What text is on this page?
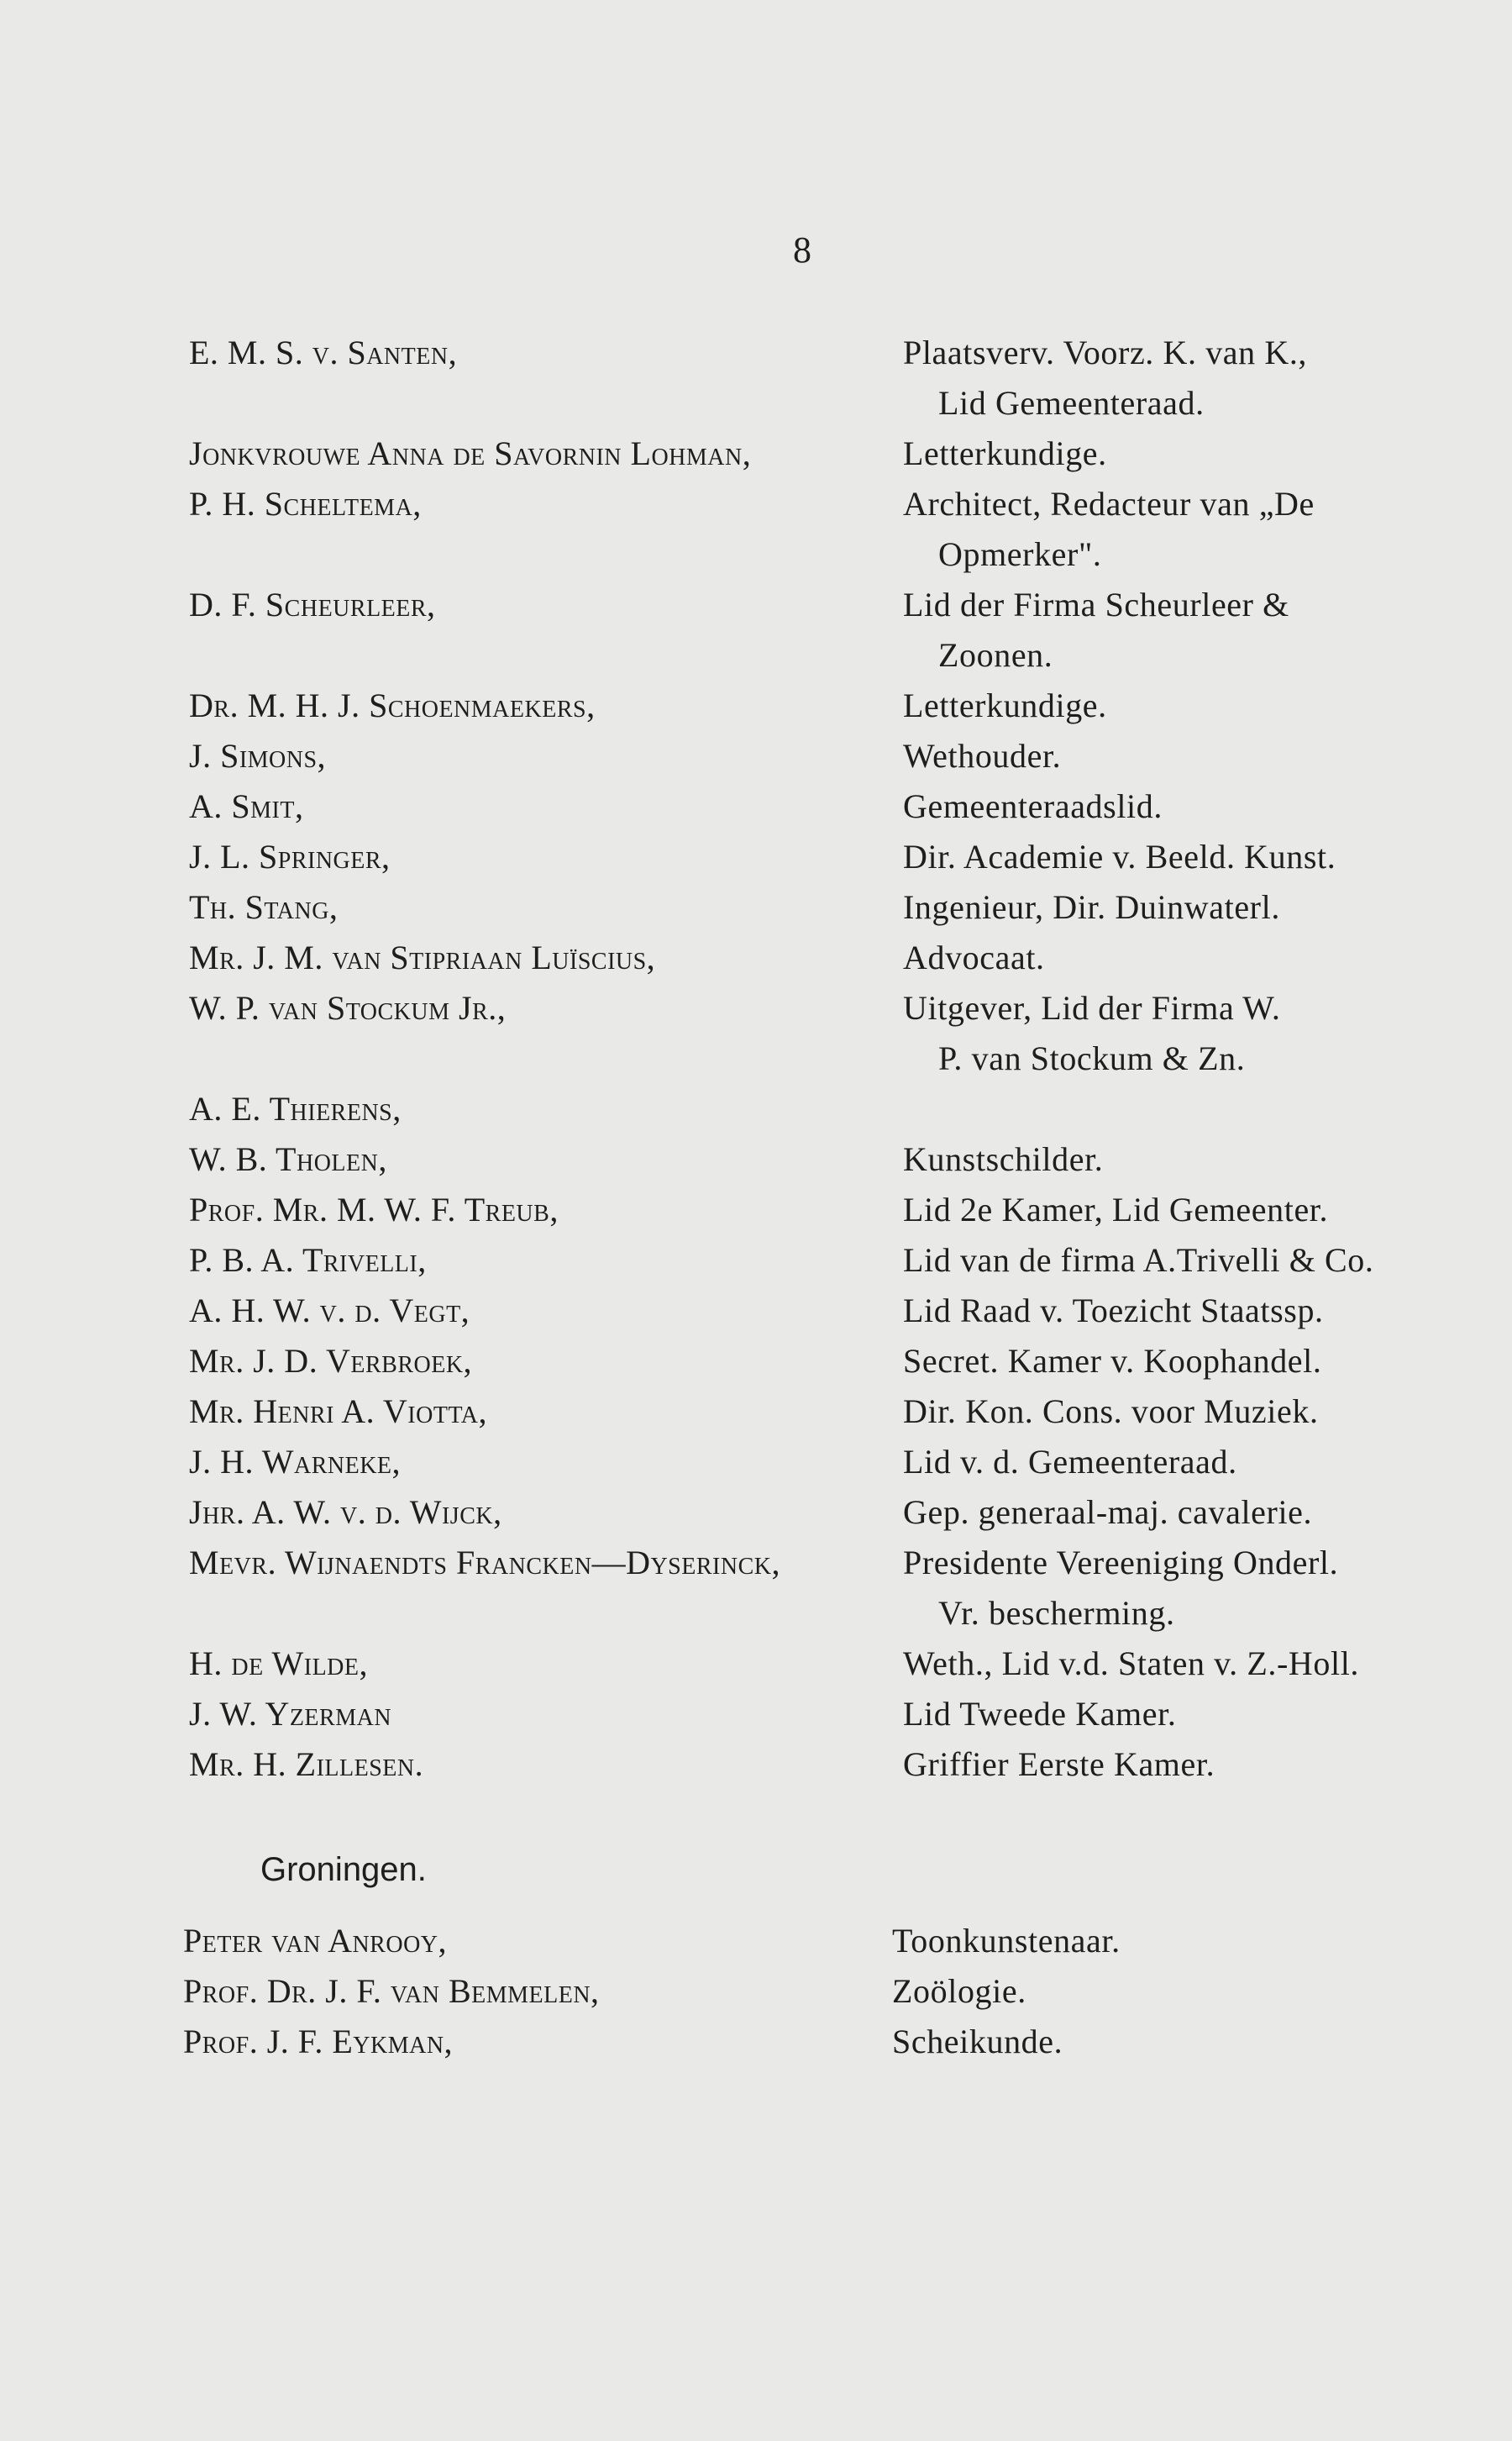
8
E. M. S. v. Santen,	Plaatsverv. Voorz. K. van K.,
Lid Gemeenteraad.
Jonkvrouwe Anna de Savornin Lohman,	Letterkundige.
P. H. Scheltema,	Architect, Redacteur van „De
Opmerker".
D. F. Scheurleer,	Lid der Firma Scheurleer &
Zoonen.
Dr. M. H. J. Schoenmaekers,	Letterkundige.
J. Simons,	Wethouder.
A. Smit,	Gemeenteraadslid.
J. L. Springer,	Dir. Academie v. Beeld. Kunst.
Th. Stang,	Ingenieur, Dir. Duinwaterl.
Mr. J. M. van Stipriaan Luïscius,	Advocaat.
W. P. van Stockum Jr.,	Uitgever, Lid der Firma W.
P. van Stockum & Zn.
A. E. Thierens,
W. B. Tholen,	Kunstschilder.
Prof. Mr. M. W. F. Treub,	Lid 2e Kamer, Lid Gemeenter.
P. B. A. Trivelli,	Lid van de firma A.Trivelli & Co.
A. H. W. v. d. Vegt,	Lid Raad v. Toezicht Staatssp.
Mr. J. D. Verbroek,	Secret. Kamer v. Koophandel.
Mr. Henri A. Viotta,	Dir. Kon. Cons. voor Muziek.
J. H. Warneke,	Lid v. d. Gemeenteraad.
Jhr. A. W. v. d. Wijck,	Gep. generaal-maj. cavalerie.
Mevr. Wijnaendts Francken—Dyserinck,	Presidente Vereeniging Onderl.
Vr. bescherming.
H. de Wilde,	Weth., Lid v.d. Staten v. Z.-Holl.
J. W. Yzerman	Lid Tweede Kamer.
Mr. H. Zillesen.	Griffier Eerste Kamer.
Groningen.
Peter van Anrooy,	Toonkunstenaar.
Prof. Dr. J. F. van Bemmelen,	Zoölogie.
Prof. J. F. Eykman,	Scheikunde.
